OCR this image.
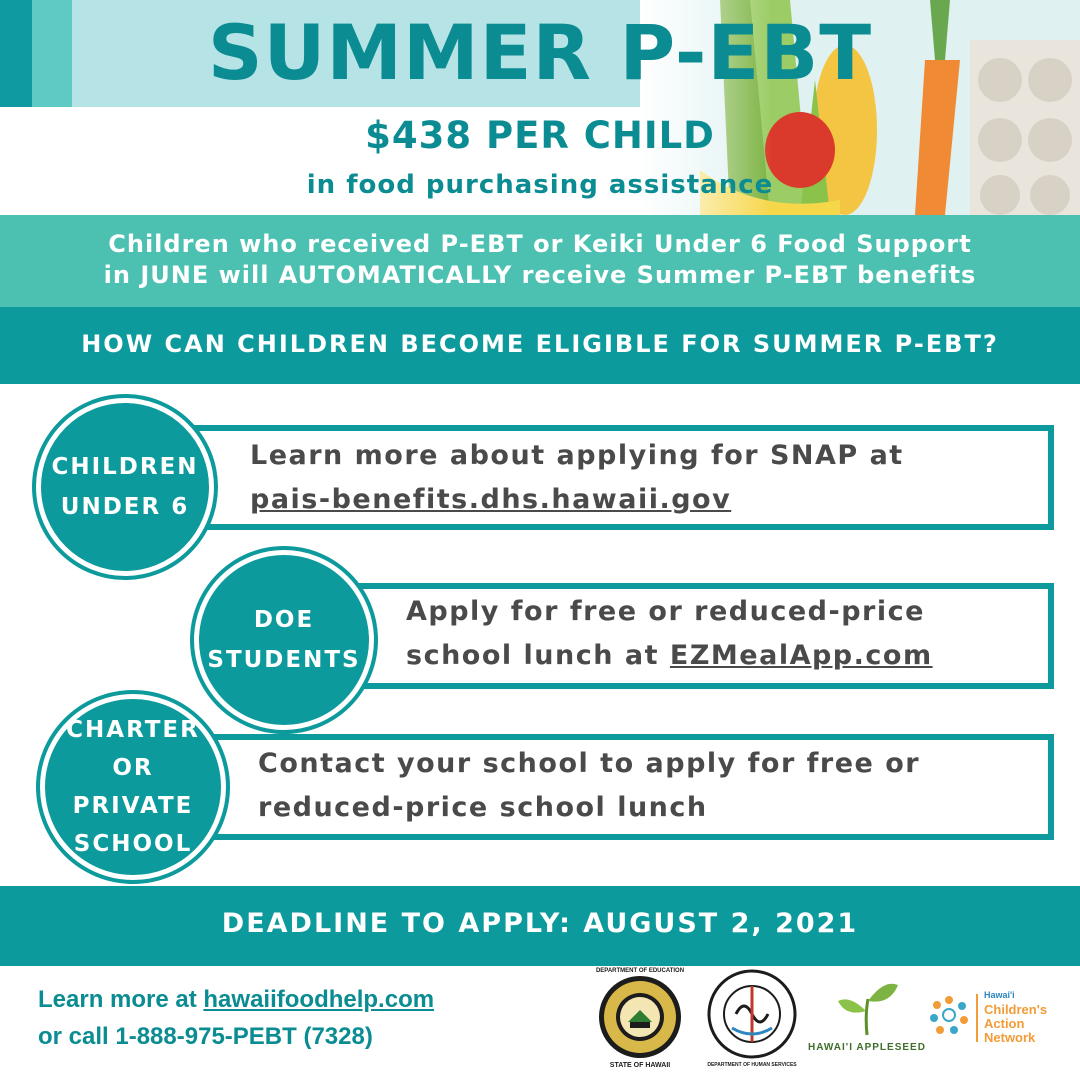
SUMMER P-EBT
$438 PER CHILD
in food purchasing assistance
Children who received P-EBT or Keiki Under 6 Food Support
in JUNE will AUTOMATICALLY receive Summer P-EBT benefits
HOW CAN CHILDREN BECOME ELIGIBLE FOR SUMMER P-EBT?
Learn more about applying for SNAP at
pais-benefits.dhs.hawaii.gov
CHILDREN
UNDER 6
Apply for free or reduced-price
school lunch at EZMealApp.com
DOE
STUDENTS
Contact your school to apply for free or
reduced-price school lunch
CHARTER
OR
PRIVATE
SCHOOL
DEADLINE TO APPLY: AUGUST 2, 2021
Learn more at hawaiifoodhelp.com
or call 1-888-975-PEBT (7328)
DEPARTMENT OF EDUCATION
STATE OF HAWAII	DEPARTMENT OF HUMAN SERVICES
HAWAI'I APPLESEED
Hawai'i
Children's
Action
Network
